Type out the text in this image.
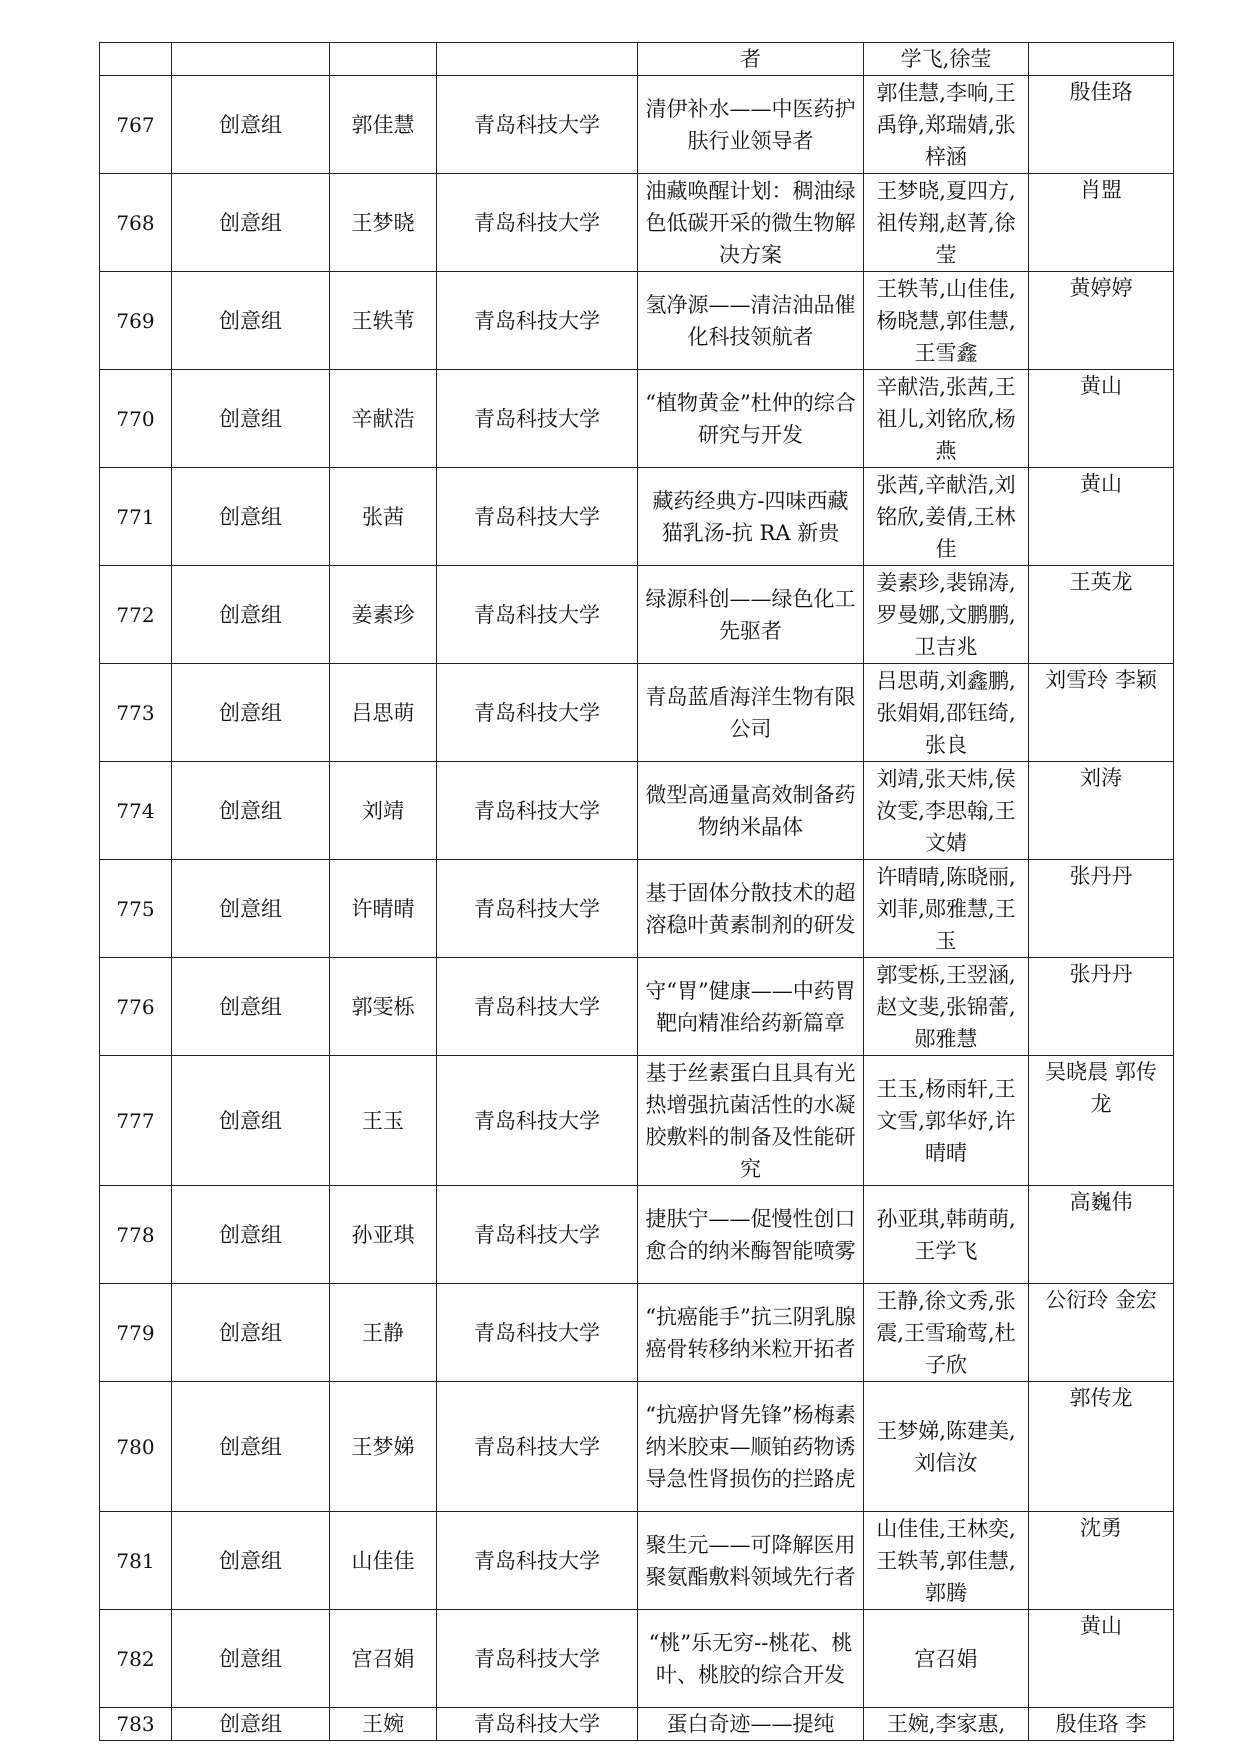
				者	学飞,徐莹	

767	创意组	郭佳慧	青岛科技大学	清伊补水——中医药护肤行业领导者	郭佳慧,李响,王禹铮,郑瑞婧,张梓涵	殷佳珞

768	创意组	王梦晓	青岛科技大学	油藏唤醒计划：稠油绿色低碳开采的微生物解决方案	王梦晓,夏四方,祖传翔,赵菁,徐莹	肖盟

769	创意组	王轶苇	青岛科技大学	氢净源——清洁油品催化科技领航者	王轶苇,山佳佳,杨晓慧,郭佳慧,王雪鑫	黄婷婷

770	创意组	辛献浩	青岛科技大学	“植物黄金”杜仲的综合研究与开发	辛献浩,张茜,王祖儿,刘铭欣,杨燕	黄山

771	创意组	张茜	青岛科技大学	藏药经典方-四味西藏猫乳汤-抗 RA 新贵	张茜,辛献浩,刘铭欣,姜倩,王林佳	黄山

772	创意组	姜素珍	青岛科技大学	绿源科创——绿色化工先驱者	姜素珍,裴锦涛,罗曼娜,文鹏鹏,卫吉兆	王英龙

773	创意组	吕思萌	青岛科技大学	青岛蓝盾海洋生物有限公司	吕思萌,刘鑫鹏,张娟娟,邵钰绮,张良	刘雪玲 李颖

774	创意组	刘靖	青岛科技大学	微型高通量高效制备药物纳米晶体	刘靖,张天炜,侯汝雯,李思翰,王文婧	刘涛

775	创意组	许晴晴	青岛科技大学	基于固体分散技术的超溶稳叶黄素制剂的研发	许晴晴,陈晓丽,刘菲,郧雅慧,王玉	张丹丹

776	创意组	郭雯栎	青岛科技大学	守“胃”健康——中药胃靶向精准给药新篇章	郭雯栎,王翌涵,赵文斐,张锦蕾,郧雅慧	张丹丹

777	创意组	王玉	青岛科技大学	基于丝素蛋白且具有光热增强抗菌活性的水凝胶敷料的制备及性能研究	王玉,杨雨轩,王文雪,郭华妤,许晴晴	吴晓晨 郭传龙

778	创意组	孙亚琪	青岛科技大学	捷肤宁——促慢性创口愈合的纳米酶智能喷雾	孙亚琪,韩萌萌,王学飞	高巍伟

779	创意组	王静	青岛科技大学	“抗癌能手”抗三阴乳腺癌骨转移纳米粒开拓者	王静,徐文秀,张震,王雪瑜莺,杜子欣	公衍玲 金宏

780	创意组	王梦娣	青岛科技大学	“抗癌护肾先锋”杨梅素纳米胶束—顺铂药物诱导急性肾损伤的拦路虎	王梦娣,陈建美,刘信汝	郭传龙

781	创意组	山佳佳	青岛科技大学	聚生元——可降解医用聚氨酯敷料领域先行者	山佳佳,王林奕,王轶苇,郭佳慧,郭腾	沈勇

782	创意组	宫召娟	青岛科技大学	“桃”乐无穷--桃花、桃叶、桃胶的综合开发	宫召娟	黄山

783	创意组	王婉	青岛科技大学	蛋白奇迹——提纯	王婉,李家惠,	殷佳珞 李
